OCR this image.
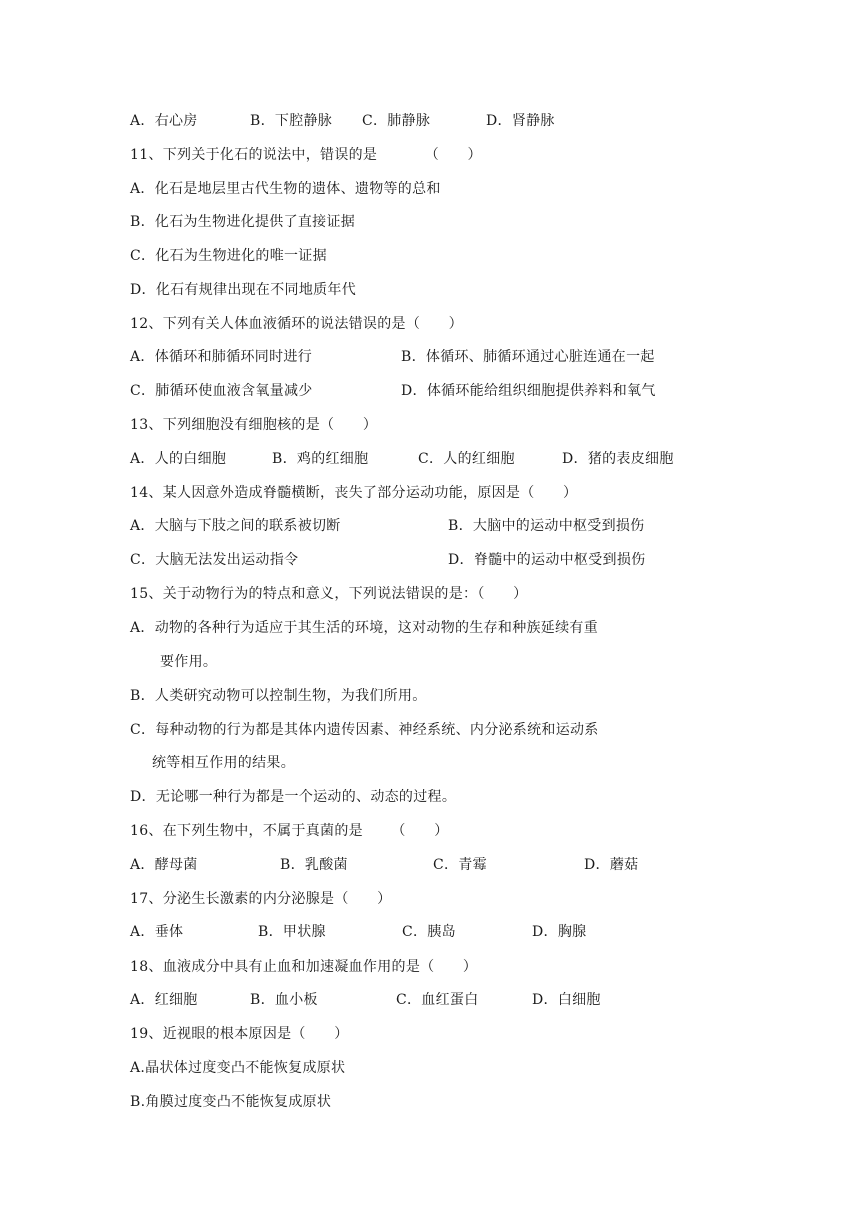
A．右心房	B．下腔静脉 C．肺静脉	D．肾静脉
11、下列关于化石的说法中，错误的是          （      ）
A．化石是地层里古代生物的遗体、遗物等的总和
B．化石为生物进化提供了直接证据
C．化石为生物进化的唯一证据
D．化石有规律出现在不同地质年代
12、下列有关人体血液循环的说法错误的是（      ）
A．体循环和肺循环同时进行	B．体循环、肺循环通过心脏连通在一起
C．肺循环使血液含氧量减少	D．体循环能给组织细胞提供养料和氧气
13、下列细胞没有细胞核的是（      ）
A．人的白细胞	B．鸡的红细胞	C．人的红细胞	D．猪的表皮细胞
14、某人因意外造成脊髓横断，丧失了部分运动功能，原因是（      ）
A．大脑与下肢之间的联系被切断	B．大脑中的运动中枢受到损伤
C．大脑无法发出运动指令	D．脊髓中的运动中枢受到损伤
15、关于动物行为的特点和意义，下列说法错误的是：（      ）
A．动物的各种行为适应于其生活的环境，这对动物的生存和种族延续有重
要作用。
B．人类研究动物可以控制生物，为我们所用。
C．每种动物的行为都是其体内遗传因素、神经系统、内分泌系统和运动系
统等相互作用的结果。
D．无论哪一种行为都是一个运动的、动态的过程。
16、在下列生物中，不属于真菌的是      （      ）
A．酵母菌	B．乳酸菌	C．青霉	D．蘑菇
17、分泌生长激素的内分泌腺是（      ）
A．垂体	B．甲状腺	C．胰岛	D．胸腺
18、血液成分中具有止血和加速凝血作用的是（      ）
A．红细胞	B．血小板	C．血红蛋白	D．白细胞
19、近视眼的根本原因是（      ）
A.晶状体过度变凸不能恢复成原状
B.角膜过度变凸不能恢复成原状
